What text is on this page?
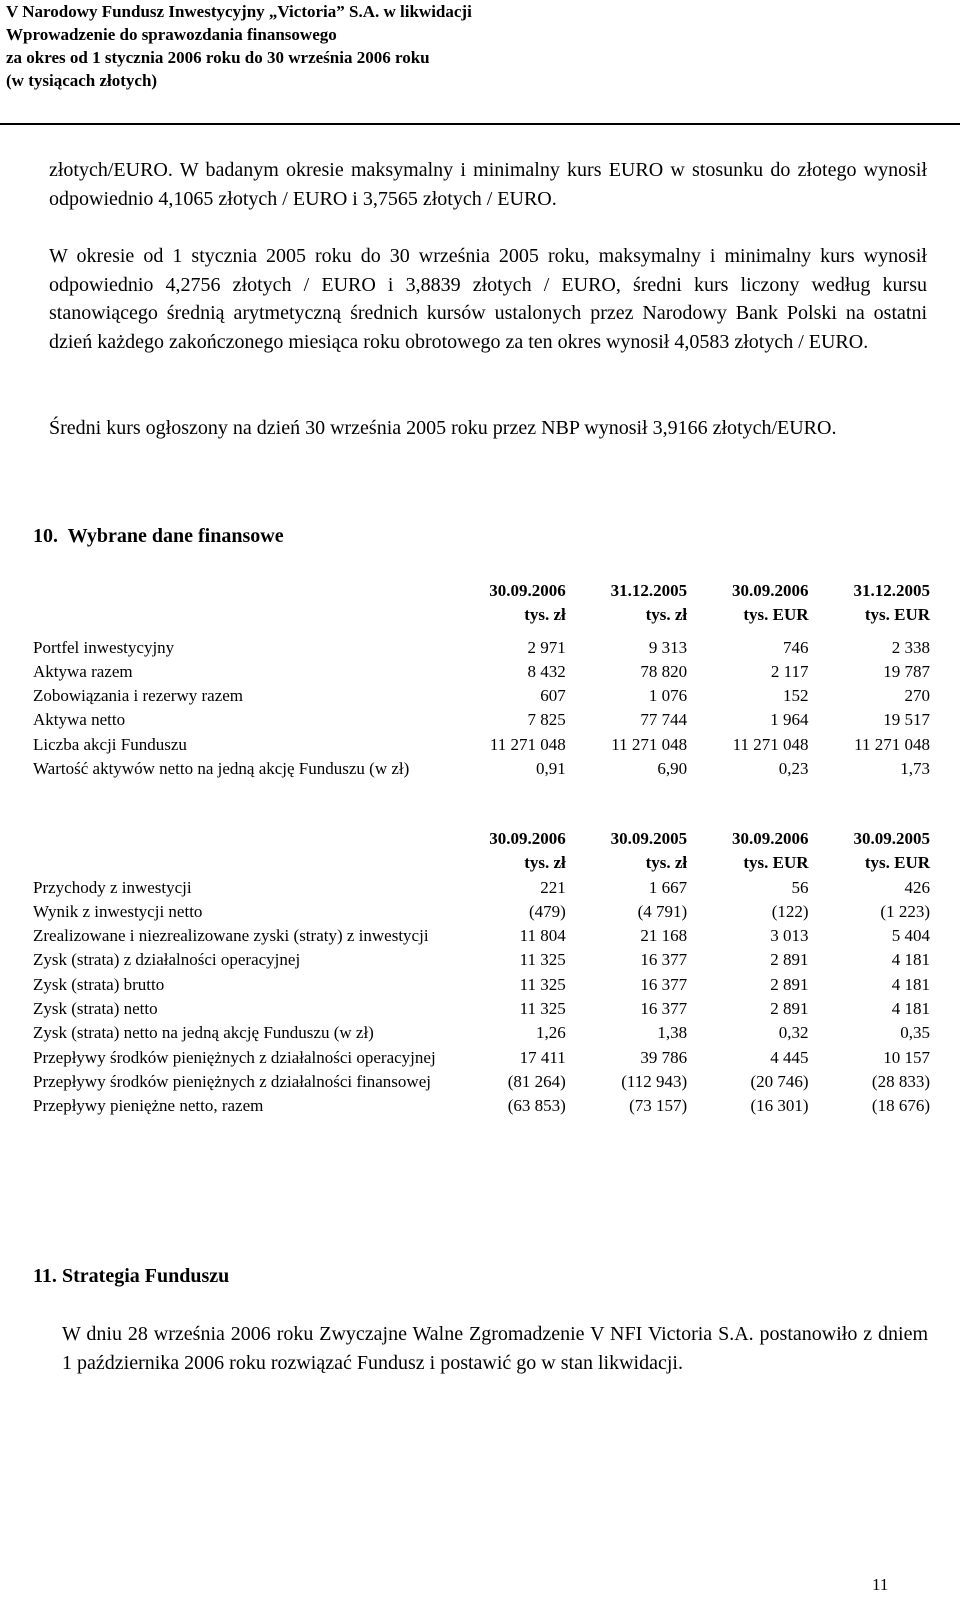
V Narodowy Fundusz Inwestycyjny „Victoria” S.A. w likwidacji
Wprowadzenie do sprawozdania finansowego
za okres od 1 stycznia 2006 roku do 30 września 2006 roku
(w tysiącach złotych)
złotych/EURO. W badanym okresie maksymalny i minimalny kurs EURO w stosunku do złotego wynosił odpowiednio 4,1065 złotych / EURO i 3,7565 złotych / EURO.
W okresie od 1 stycznia 2005 roku do 30 września 2005 roku, maksymalny i minimalny kurs wynosił odpowiednio 4,2756 złotych / EURO i 3,8839 złotych / EURO, średni kurs liczony według kursu stanowiącego średnią arytmetyczną średnich kursów ustalonych przez Narodowy Bank Polski na ostatni dzień każdego zakończonego miesiąca roku obrotowego za ten okres wynosił 4,0583 złotych / EURO.
Średni kurs ogłoszony na dzień 30 września 2005 roku przez NBP wynosił 3,9166 złotych/EURO.
10. Wybrane dane finansowe
	30.09.2006	31.12.2005	30.09.2006	31.12.2005
	tys. zł	tys. zł	tys. EUR	tys. EUR

Portfel inwestycyjny	2 971	9 313	746	2 338
Aktywa razem	8 432	78 820	2 117	19 787
Zobowiązania i rezerwy razem	607	1 076	152	270
Aktywa netto	7 825	77 744	1 964	19 517
Liczba akcji Funduszu	11 271 048	11 271 048	11 271 048	11 271 048
Wartość aktywów netto na jedną akcję Funduszu (w zł)	0,91	6,90	0,23	1,73
	30.09.2006	30.09.2005	30.09.2006	30.09.2005
	tys. zł	tys. zł	tys. EUR	tys. EUR
Przychody z inwestycji	221	1 667	56	426
Wynik z inwestycji netto	(479)	(4 791)	(122)	(1 223)
Zrealizowane i niezrealizowane zyski (straty) z inwestycji	11 804	21 168	3 013	5 404
Zysk (strata) z działalności operacyjnej	11 325	16 377	2 891	4 181
Zysk (strata) brutto	11 325	16 377	2 891	4 181
Zysk (strata) netto	11 325	16 377	2 891	4 181
Zysk (strata) netto na jedną akcję Funduszu (w zł)	1,26	1,38	0,32	0,35
Przepływy środków pieniężnych z działalności operacyjnej	17 411	39 786	4 445	10 157
Przepływy środków pieniężnych z działalności finansowej	(81 264)	(112 943)	(20 746)	(28 833)
Przepływy pieniężne netto, razem	(63 853)	(73 157)	(16 301)	(18 676)
11. Strategia Funduszu
W dniu 28 września 2006 roku Zwyczajne Walne Zgromadzenie V NFI Victoria S.A. postanowiło z dniem 1 października 2006 roku rozwiązać Fundusz i postawić go w stan likwidacji.
11
